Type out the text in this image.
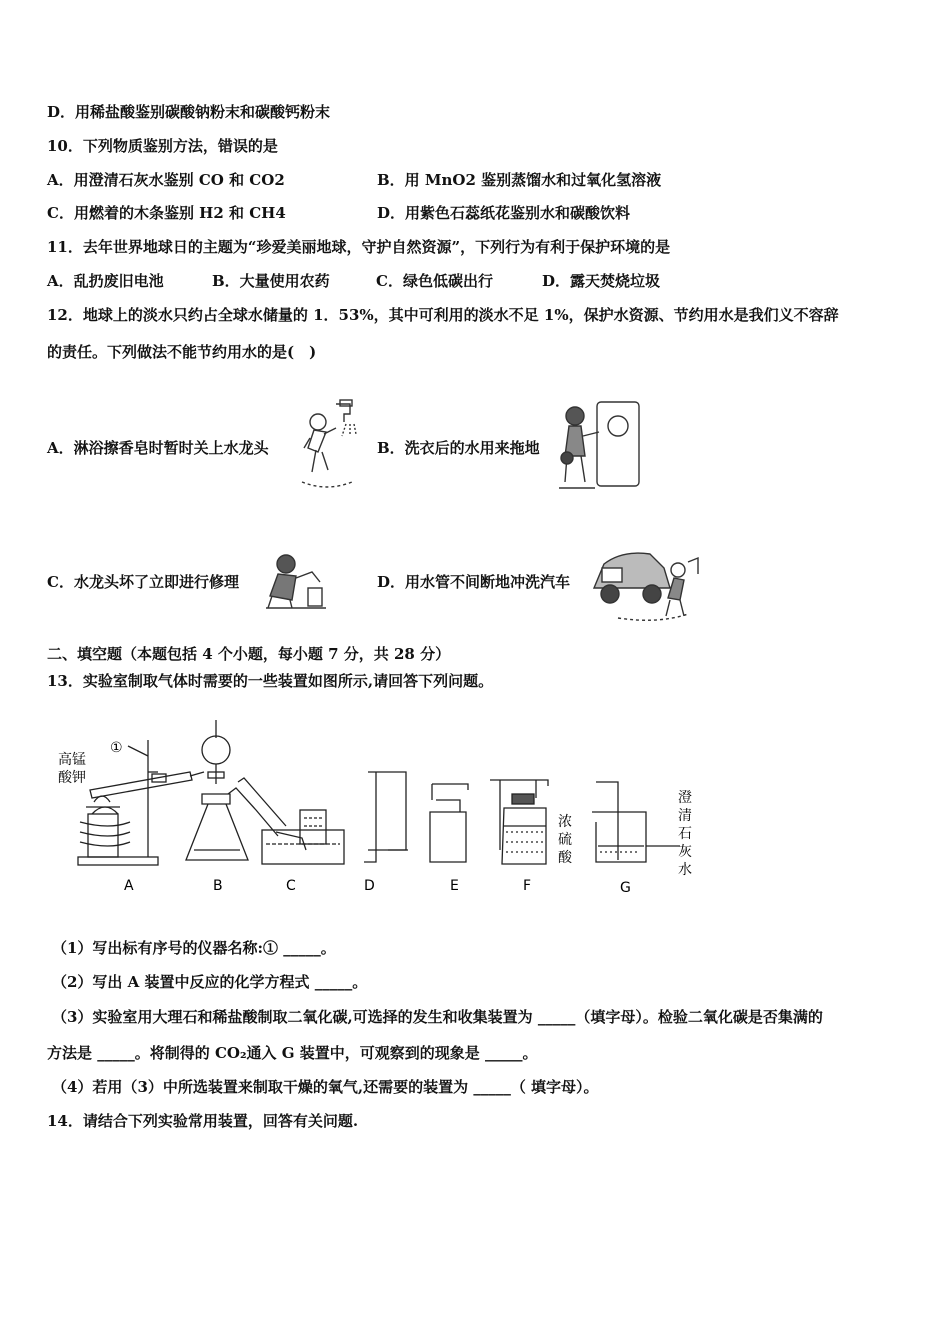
D．用稀盐酸鉴别碳酸钠粉末和碳酸钙粉末
10．下列物质鉴别方法，错误的是
A．用澄清石灰水鉴别 CO 和 CO2	B．用 MnO2 鉴别蒸馏水和过氧化氢溶液
C．用燃着的木条鉴别 H2 和 CH4	D．用紫色石蕊纸花鉴别水和碳酸饮料
11．去年世界地球日的主题为“珍爱美丽地球，守护自然资源”，下列行为有利于保护环境的是
A．乱扔废旧电池	B．大量使用农药	C．绿色低碳出行	D．露天焚烧垃圾
12．地球上的淡水只约占全球水储量的 1．53%，其中可利用的淡水不足 1%，保护水资源、节约用水是我们义不容辞
的责任。下列做法不能节约用水的是(　)
A．淋浴擦香皂时暂时关上水龙头	B．洗衣后的水用来拖地
C．水龙头坏了立即进行修理	D．用水管不间断地冲洗汽车
二、填空题（本题包括 4 个小题，每小题 7 分，共 28 分）
13．实验室制取气体时需要的一些装置如图所示,请回答下列问题。
高锰
酸钾
①
浓
硫
酸
澄
清
石
灰
水
A	B	C	D	E	F	G
（1）写出标有序号的仪器名称:① _____。
（2）写出 A 装置中反应的化学方程式 _____。
（3）实验室用大理石和稀盐酸制取二氧化碳,可选择的发生和收集装置为 _____（填字母）。检验二氧化碳是否集满的
方法是 _____。将制得的 CO₂通入 G 装置中，可观察到的现象是 _____。
（4）若用（3）中所选装置来制取干燥的氧气,还需要的装置为 _____（ 填字母）。
14．请结合下列实验常用装置，回答有关问题.
